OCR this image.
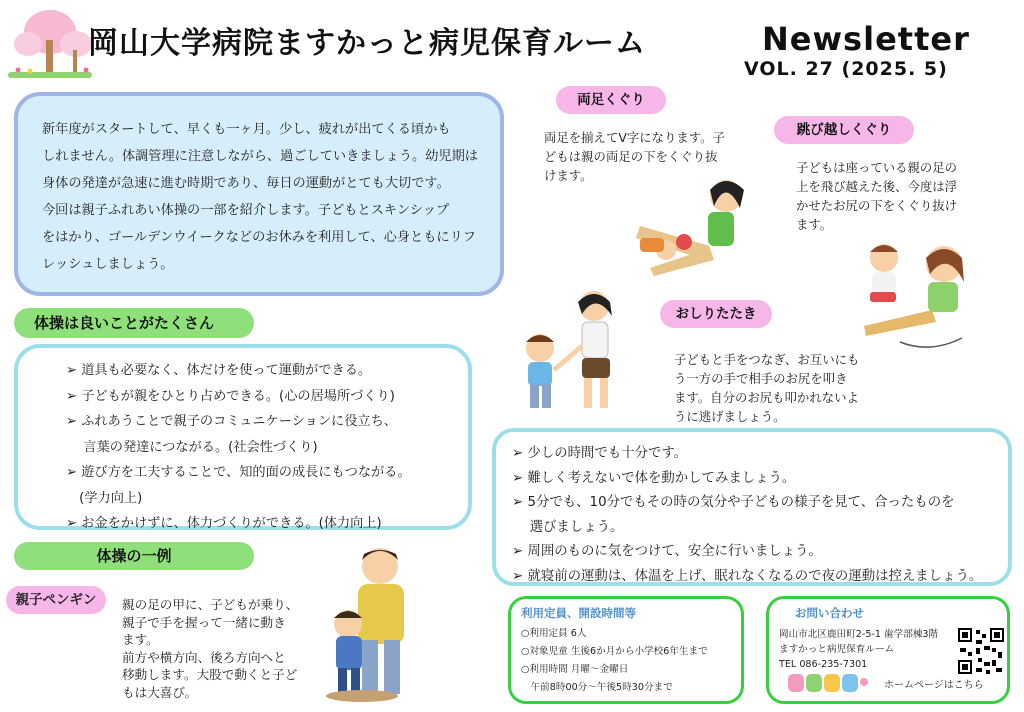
岡山大学病院ますかっと病児保育ルーム	Newsletter
VOL. 27 (2025. 5)

新年度がスタートして、早くも一ヶ月。少し、疲れが出てくる頃かも

しれません。体調管理に注意しながら、過ごしていきましょう。幼児期は

身体の発達が急速に進む時期であり、毎日の運動がとても大切です。

今回は親子ふれあい体操の一部を紹介します。子どもとスキンシップ

をはかり、ゴールデンウイークなどのお休みを利用して、心身ともにリフ

レッシュしましょう。

体操は良いことがたくさん
➢ 道具も必要なく、体だけを使って運動ができる。
➢ 子どもが親をひとり占めできる。(心の居場所づくり)
➢ ふれあうことで親子のコミュニケーションに役立ち、
　 言葉の発達につながる。(社会性づくり)
➢ 遊び方を工夫することで、知的面の成長にもつながる。
　(学力向上)
➢ お金をかけずに、体力づくりができる。(体力向上)
体操の一例
親子ペンギン	親の足の甲に、子どもが乗り、
親子で手を握って一緒に動き
ます。
前方や横方向、後ろ方向へと
移動します。大股で動くと子ど
もは大喜び。
両足くぐり
両足を揃えてV字になります。子
どもは親の両足の下をくぐり抜
けます。
跳び越しくぐり
子どもは座っている親の足の
上を飛び越えた後、今度は浮
かせたお尻の下をくぐり抜け
ます。
おしりたたき
子どもと手をつなぎ、お互いにも
う一方の手で相手のお尻を叩き
ます。自分のお尻も叩かれないよ
うに逃げましょう。
➢ 少しの時間でも十分です。
➢ 難しく考えないで体を動かしてみましょう。
➢ 5分でも、10分でもその時の気分や子どもの様子を見て、合ったものを
　 選びましょう。
➢ 周囲のものに気をつけて、安全に行いましょう。
➢ 就寝前の運動は、体温を上げ、眠れなくなるので夜の運動は控えましょう。
利用定員、開設時間等
○利用定員 6人
○対象児童 生後6か月から小学校6年生まで
○利用時間 月曜～金曜日
　午前8時00分～午後5時30分まで
お問い合わせ
岡山市北区鹿田町2-5-1 歯学部棟3階
ますかっと病児保育ルーム
TEL 086-235-7301
ホームページはこちら
